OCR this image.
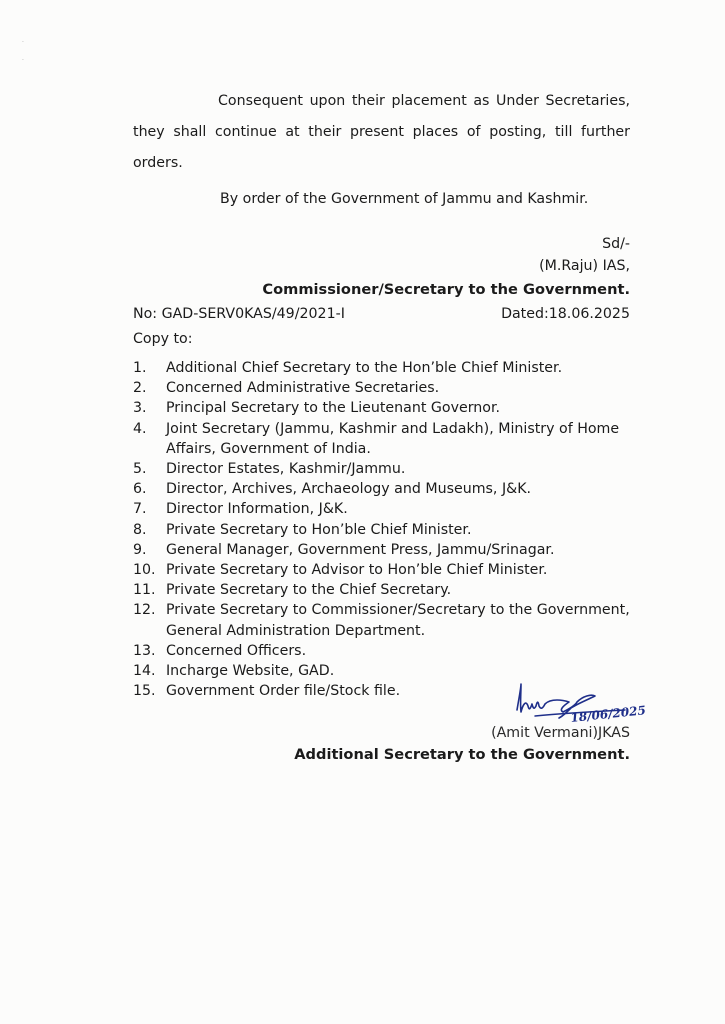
·
·
Consequent upon their placement as Under Secretaries, they shall continue at their present places of posting, till further orders.
By order of the Government of Jammu and Kashmir.
Sd/-
(M.Raju) IAS,
Commissioner/Secretary to the Government.
No: GAD-SERV0KAS/49/2021-I	Dated:18.06.2025
Copy to:
1. Additional Chief Secretary to the Hon’ble Chief Minister.
2. Concerned Administrative Secretaries.
3. Principal Secretary to the Lieutenant Governor.
4. Joint Secretary (Jammu, Kashmir and Ladakh), Ministry of Home Affairs, Government of India.
5. Director Estates, Kashmir/Jammu.
6. Director, Archives, Archaeology and Museums, J&K.
7. Director Information, J&K.
8. Private Secretary to Hon’ble Chief Minister.
9. General Manager, Government Press, Jammu/Srinagar.
10. Private Secretary to Advisor to Hon’ble Chief Minister.
11. Private Secretary to the Chief Secretary.
12. Private Secretary to Commissioner/Secretary to the Government, General Administration Department.
13. Concerned Officers.
14. Incharge Website, GAD.
15. Government Order file/Stock file.
18/06/2025
(Amit Vermani)JKAS
Additional Secretary to the Government.
